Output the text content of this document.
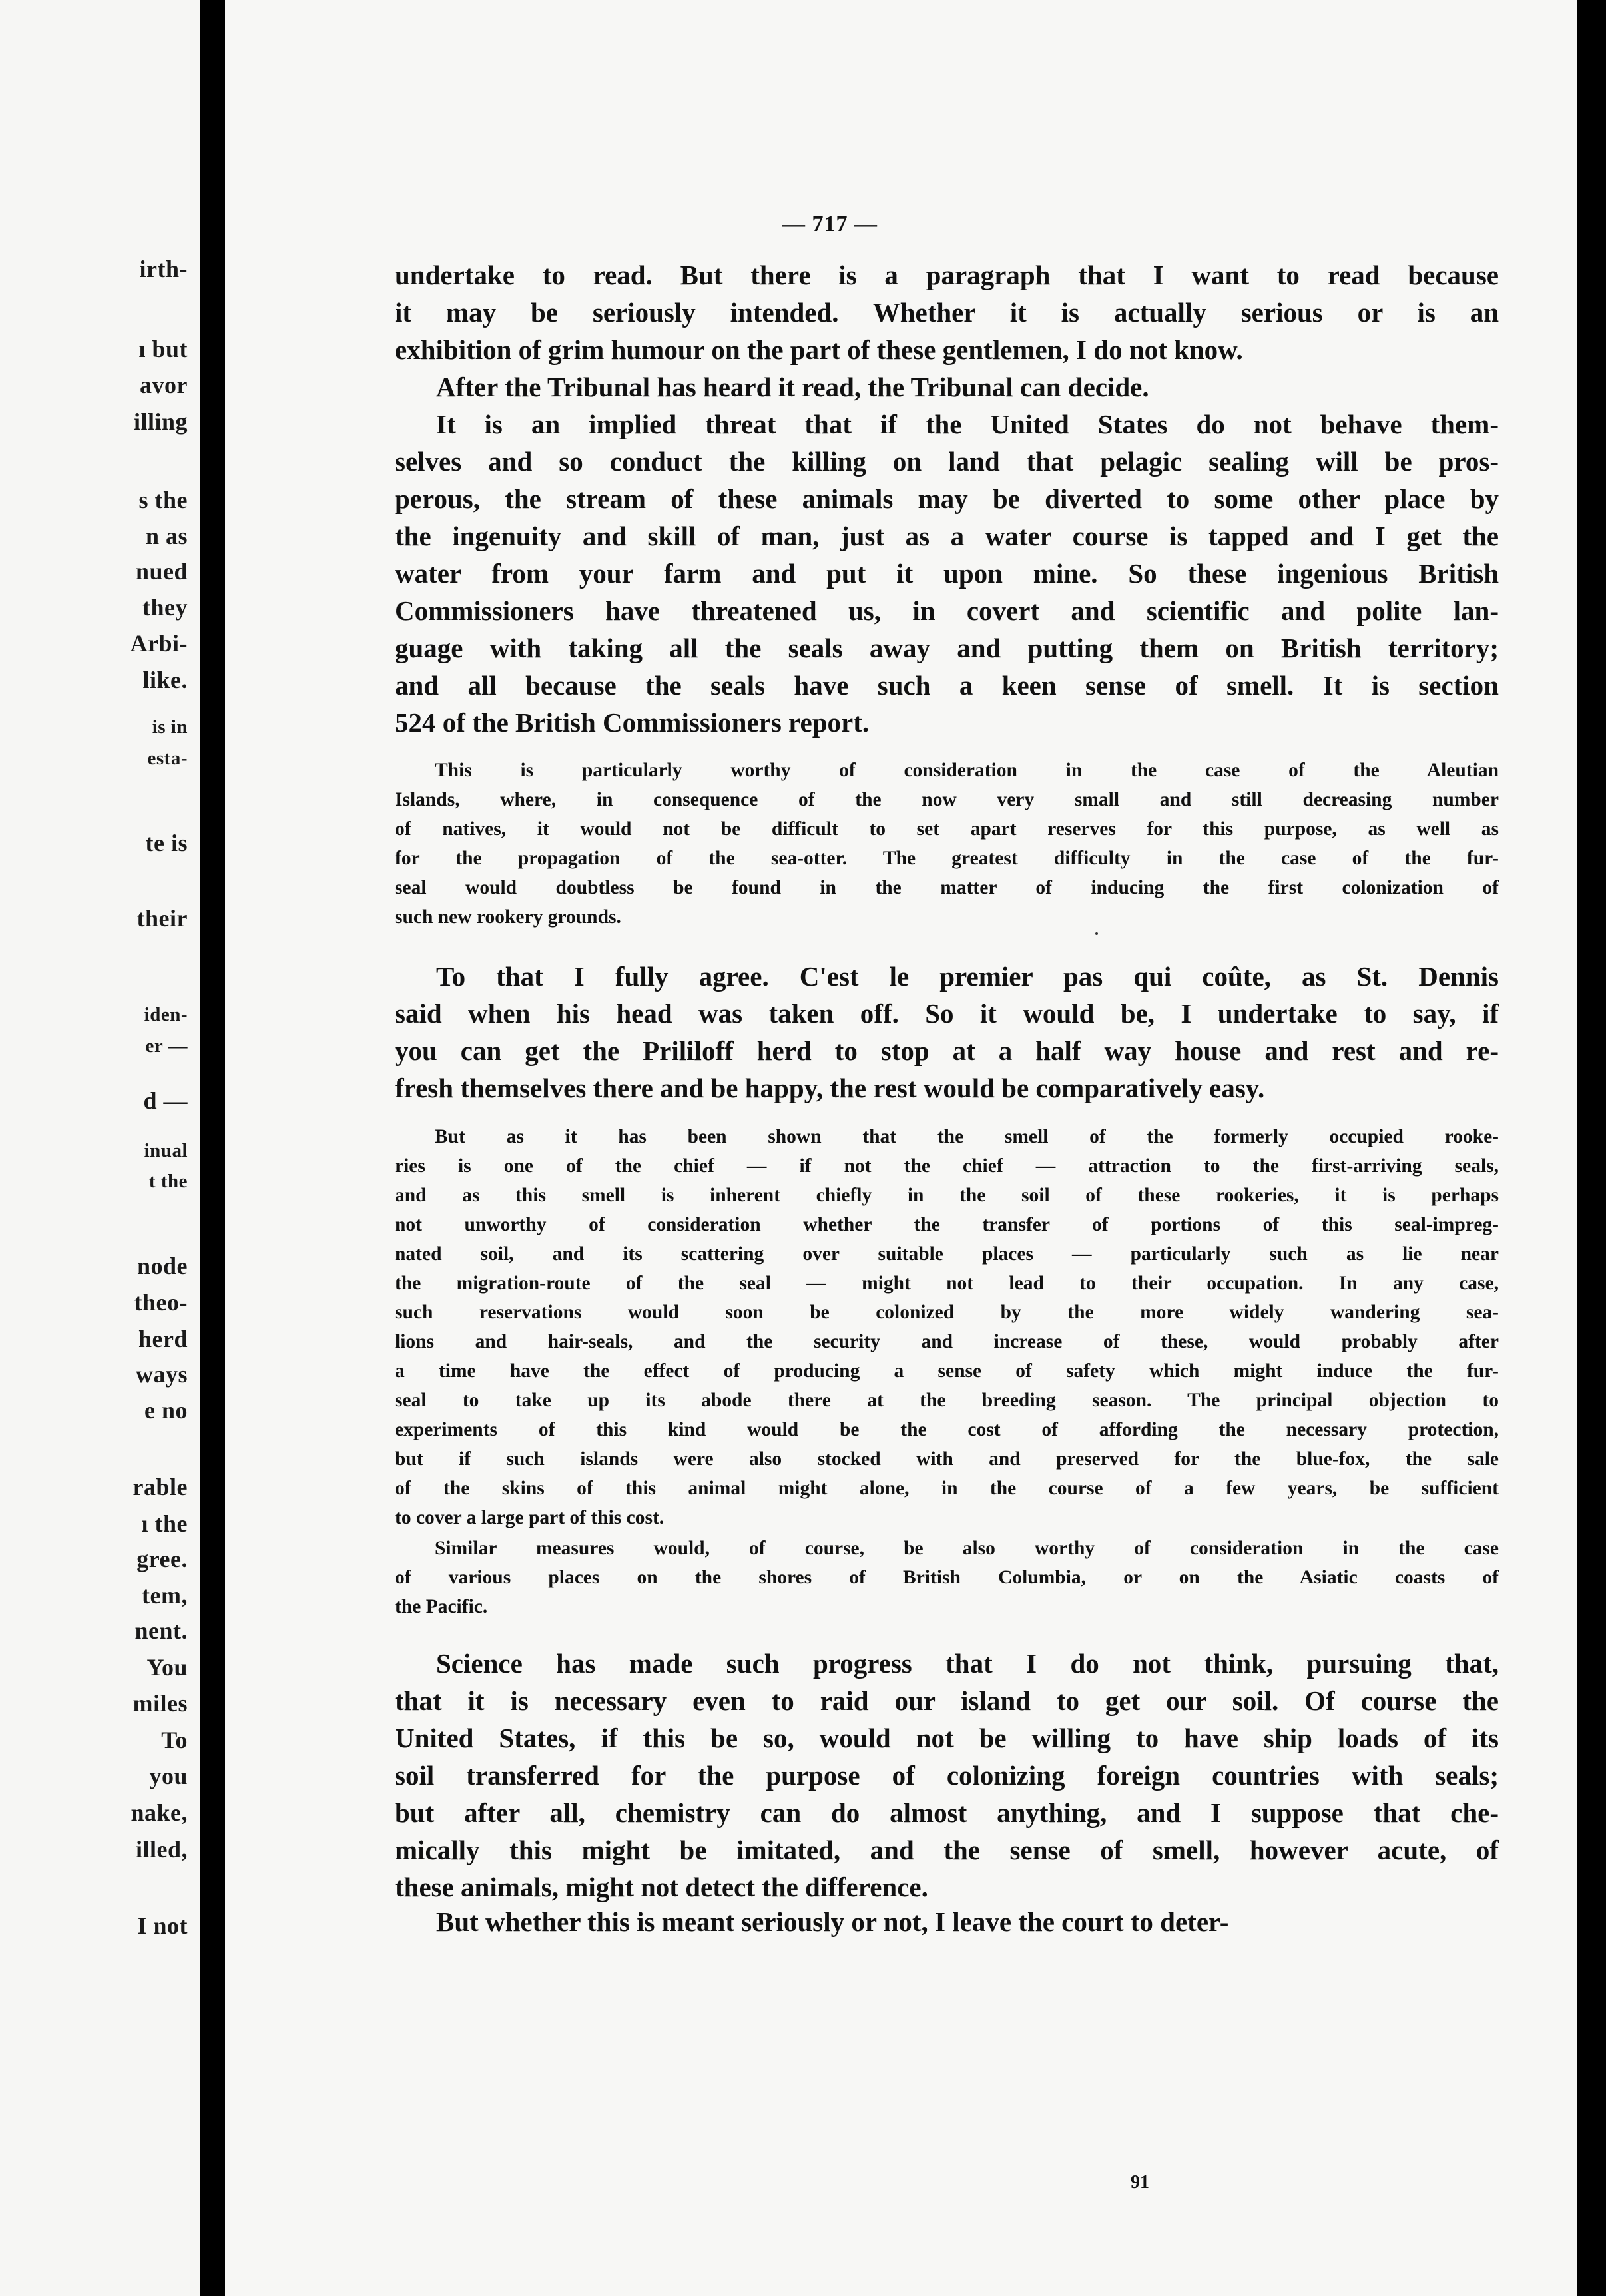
irth-
ı but
avor
illing
s the
n as
nued
they
Arbi-
like.
is in
esta-
te is
their
iden-
er —
d —
inual
t the
node
theo-
herd
ways
e no
rable
ı the
gree.
tem,
nent.
You
miles
To
you
nake,
illed,
I not
— 717 —
91
undertake to read. But there is a paragraph that I want to read because
it may be seriously intended. Whether it is actually serious or is an
exhibition of grim humour on the part of these gentlemen, I do not know.
After the Tribunal has heard it read, the Tribunal can decide.
It is an implied threat that if the United States do not behave them-
selves and so conduct the killing on land that pelagic sealing will be pros-
perous, the stream of these animals may be diverted to some other place by
the ingenuity and skill of man, just as a water course is tapped and I get the
water from your farm and put it upon mine. So these ingenious British
Commissioners have threatened us, in covert and scientific and polite lan-
guage with taking all the seals away and putting them on British territory;
and all because the seals have such a keen sense of smell. It is section
524 of the British Commissioners report.
This is particularly worthy of consideration in the case of the Aleutian
Islands, where, in consequence of the now very small and still decreasing number
of natives, it would not be difficult to set apart reserves for this purpose, as well as
for the propagation of the sea-otter. The greatest difficulty in the case of the fur-
seal would doubtless be found in the matter of inducing the first colonization of
such new rookery grounds.
To that I fully agree. C'est le premier pas qui coûte, as St. Dennis
said when his head was taken off. So it would be, I undertake to say, if
you can get the Prililoff herd to stop at a half way house and rest and re-
fresh themselves there and be happy, the rest would be comparatively easy.
But as it has been shown that the smell of the formerly occupied rooke-
ries is one of the chief — if not the chief — attraction to the first-arriving seals,
and as this smell is inherent chiefly in the soil of these rookeries, it is perhaps
not unworthy of consideration whether the transfer of portions of this seal-impreg-
nated soil, and its scattering over suitable places — particularly such as lie near
the migration-route of the seal — might not lead to their occupation. In any case,
such reservations would soon be colonized by the more widely wandering sea-
lions and hair-seals, and the security and increase of these, would probably after
a time have the effect of producing a sense of safety which might induce the fur-
seal to take up its abode there at the breeding season. The principal objection to
experiments of this kind would be the cost of affording the necessary protection,
but if such islands were also stocked with and preserved for the blue-fox, the sale
of the skins of this animal might alone, in the course of a few years, be sufficient
to cover a large part of this cost.
Similar measures would, of course, be also worthy of consideration in the case
of various places on the shores of British Columbia, or on the Asiatic coasts of
the Pacific.
Science has made such progress that I do not think, pursuing that,
that it is necessary even to raid our island to get our soil. Of course the
United States, if this be so, would not be willing to have ship loads of its
soil transferred for the purpose of colonizing foreign countries with seals;
but after all, chemistry can do almost anything, and I suppose that che-
mically this might be imitated, and the sense of smell, however acute, of
these animals, might not detect the difference.
But whether this is meant seriously or not, I leave the court to deter-
